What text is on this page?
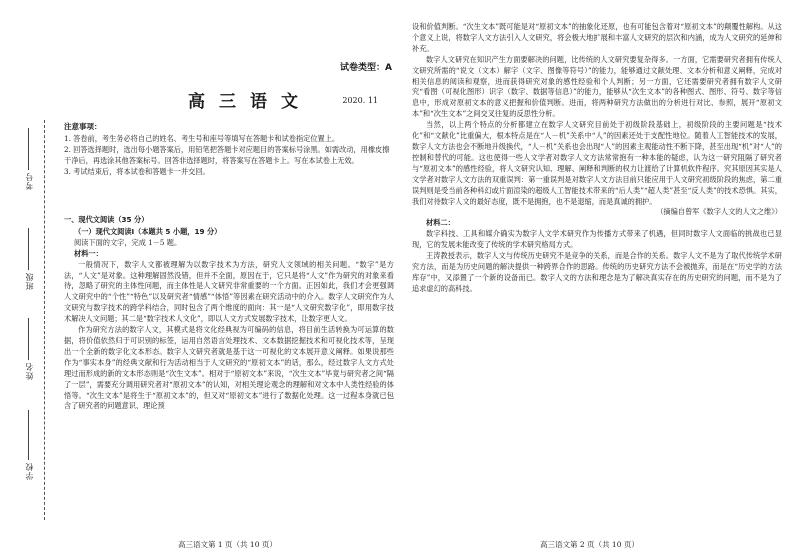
考号
班级
姓名
学校
试卷类型：A
高三语文	2020. 11
注意事项：

1. 答卷前，考生务必将自己的姓名、考生号和座号等填写在答题卡和试卷指定位置上。

2. 回答选择题时，选出每小题答案后，用铅笔把答题卡对应题目的答案标号涂黑。如需改动，用橡皮擦干净后，再选涂其他答案标号。回答非选择题时，将答案写在答题卡上。写在本试卷上无效。

3. 考试结束后，将本试卷和答题卡一并交回。

一、现代文阅读（35 分）
（一）现代文阅读Ⅰ（本题共 5 小题，19 分）
阅读下面的文字，完成 1－5 题。
材料一：

一般情况下，数字人文都被理解为以数字技术为方法，研究人文领域的相关问题。“数字”是方法，“人文”是对象。这种理解固然没错，但并不全面，原因在于，它只是将“人文”作为研究的对象来看待，忽略了研究的主体性问题，而主体性是人文研究非常重要的一个方面。正因如此，我们才会更强调人文研究中的“个性”“特色”以及研究者“情感”“体悟”等因素在研究活动中的介入。数字人文研究作为人文研究与数字技术的跨学科结合，同时包含了两个维度的面向：其一是“人文研究数字化”，即用数字技术解决人文问题；其二是“数字技术人文化”，即以人文方式发展数字技术，让数字更人文。

作为研究方法的数字人文，其模式是将文化经典视为可编码的信息，将目前生活转换为可运算的数据，将价值依然归于可识别的标签，运用自然语言处理技术、文本数据挖掘技术和可视化技术等，呈现出一个全新的数字化文本形态。数字人文研究者就是基于这一可视化的文本展开意义阐释。如果说那些作为“事实本身”的经典文献和行为活动相当于人文研究的“原初文本”的话，那么，经过数字人文方式处理过而形成的新的文本形态则是“次生文本”。相对于“原初文本”来说，“次生文本”毕竟与研究者之间“隔了一层”，需要充分调用研究者对“原初文本”的认知，对相关理论观念的理解和对文本中人类性经验的体悟等。“次生文本”是将生于“原初文本”的，但又对“原初文本”进行了数据化处理。这一过程本身就已包含了研究者的问题意识、理论预

高三语文第 1 页（共 10 页）

设和价值判断。“次生文本”既可能是对“原初文本”的抽象化还原，也有可能包含着对“原初文本”的颠覆性解构。从这个意义上说，将数字人文方法引入人文研究，将会极大地扩展和丰富人文研究的层次和内涵，成为人文研究的延伸和补充。

数字人文研究在知识产生方面要解决的问题，比传统的人文研究要复杂得多。一方面，它需要研究者拥有传统人文研究所需的“说文（文本）解字（文字、图像等符号）”的能力，能够通过文献处理、文本分析和意义阐释，完成对相关信息的阅读和观察，进而获得研究对象的感性经验和个人判断；另一方面，它还需要研究者拥有数字人文研究“看图（可视化图形）识字（数字、数据等信息）”的能力，能够从“次生文本”的各种图式、图形、符号、数字等信息中，形成对原初文本的意义把握和价值判断。进而，将两种研究方法做出的分析进行对比、参照，展开“原初文本”和“次生文本”之间交叉往复的反思性分析。

当然，以上两个特点的分析都建立在数字人文研究目前处于初级阶段基础上，初级阶段的主要问题是“技术化”和“文献化”比重偏大，根本特点是在“人－机”关系中“人”的因素还处于支配性地位。随着人工智能技术的发展，数字人文方法也会不断地升级换代，“人－机”关系也会出现“人”的因素主观能动性不断下降，甚至出现“机”对“人”的控制和替代的可能。这也使得一些人文学者对数字人文方法常常抱有一种本能的疑虑，认为这一研究阻隔了研究者与“原初文本”的感性经验，将人文研究认知、理解、阐释和判断的权力让渡给了计算机软件程序。究其原因其实是人文学者对数字人文方法的双重误判：第一重误判是对数字人文方法目前只能应用于人文研究初级阶段的焦虑，第二重误判则是受当前各种科幻或片面渲染的超级人工智能技术带来的“后人类”“超人类”甚至“反人类”的技术恐惧。其实，我们对待数字人文的最好态度，既不是拥抱，也不是退缩，而是真诚的拥护。

（摘编自曾军《数字人文的人文之维》）
材料二：

数字科技、工具和媒介确实为数字人文学术研究作为传播方式带来了机遇，但同时数字人文面临的挑战也已显现，它的发展未能改变了传统的学术研究格局方式。

王涛教授表示，数字人文与传统历史研究不是竞争的关系，而是合作的关系。数字人文不是为了取代传统学术研究方法，而是为历史问题的解决提供一种跨界合作的思路。传统的历史研究方法不会被抛弃，而是在“历史学的方法库存”中，又添置了一个新的设备而已。数字人文的方法和理念是为了解决真实存在的历史研究的问题，而不是为了追求虚幻的高科技。

高三语文第 2 页（共 10 页）
